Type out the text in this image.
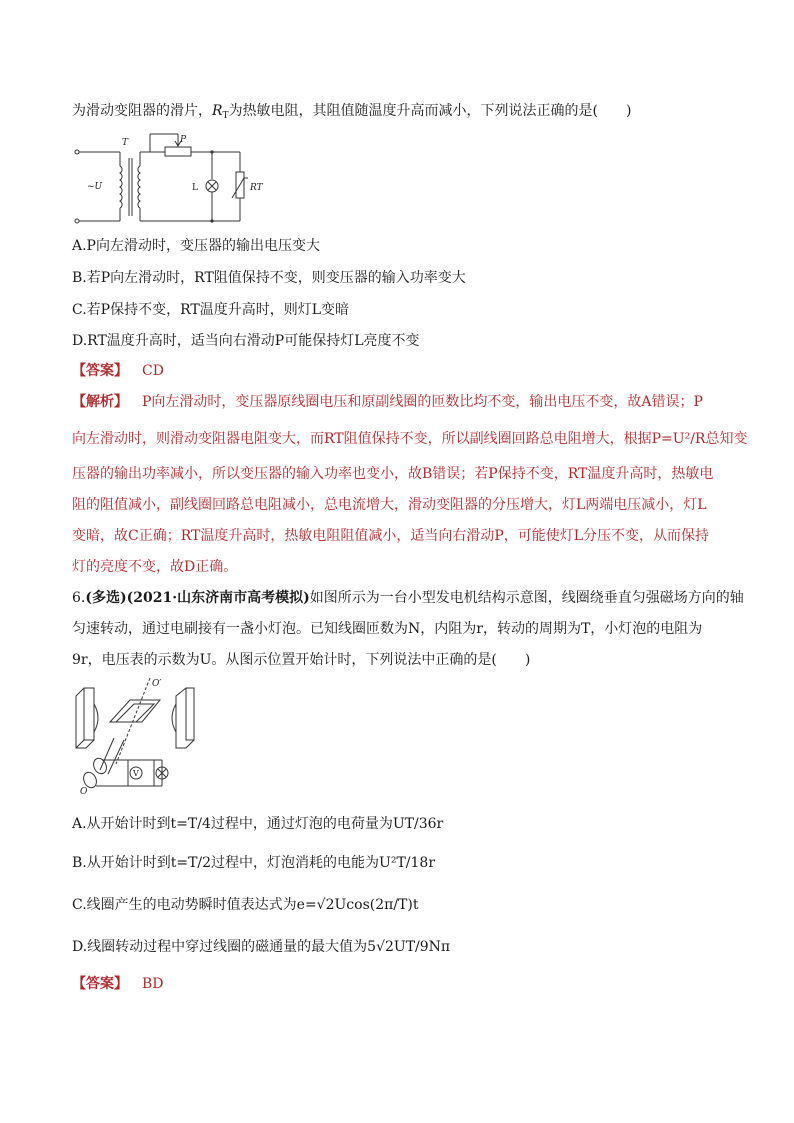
为滑动变阻器的滑片，$R_T$为热敏电阻，其阻值随温度升高而减小，下列说法正确的是(　　)
T	P
~U	L	RT
A.P向左滑动时，变压器的输出电压变大
B.若P向左滑动时，RT阻值保持不变，则变压器的输入功率变大
C.若P保持不变，RT温度升高时，则灯L变暗
D.RT温度升高时，适当向右滑动P可能保持灯L亮度不变
【答案】 CD
【解析】 P向左滑动时，变压器原线圈电压和原副线圈的匝数比均不变，输出电压不变，故A错误；P
向左滑动时，则滑动变阻器电阻变大，而RT阻值保持不变，所以副线圈回路总电阻增大，根据P=U²/R总知变
压器的输出功率减小，所以变压器的输入功率也变小，故B错误；若P保持不变，RT温度升高时，热敏电
阻的阻值减小，副线圈回路总电阻减小，总电流增大，滑动变阻器的分压增大，灯L两端电压减小，灯L
变暗，故C正确；RT温度升高时，热敏电阻阻值减小，适当向右滑动P，可能使灯L分压不变，从而保持
灯的亮度不变，故D正确。
6.(多选)(2021·山东济南市高考模拟)如图所示为一台小型发电机结构示意图，线圈绕垂直匀强磁场方向的轴
匀速转动，通过电刷接有一盏小灯泡。已知线圈匝数为N，内阻为r，转动的周期为T，小灯泡的电阻为
9r，电压表的示数为U。从图示位置开始计时，下列说法中正确的是(　　)
O′
O
V
A.从开始计时到t=T/4过程中，通过灯泡的电荷量为UT/36r
B.从开始计时到t=T/2过程中，灯泡消耗的电能为U²T/18r
C.线圈产生的电动势瞬时值表达式为e=√2Ucos(2π/T)t
D.线圈转动过程中穿过线圈的磁通量的最大值为5√2UT/9Nπ
【答案】 BD
